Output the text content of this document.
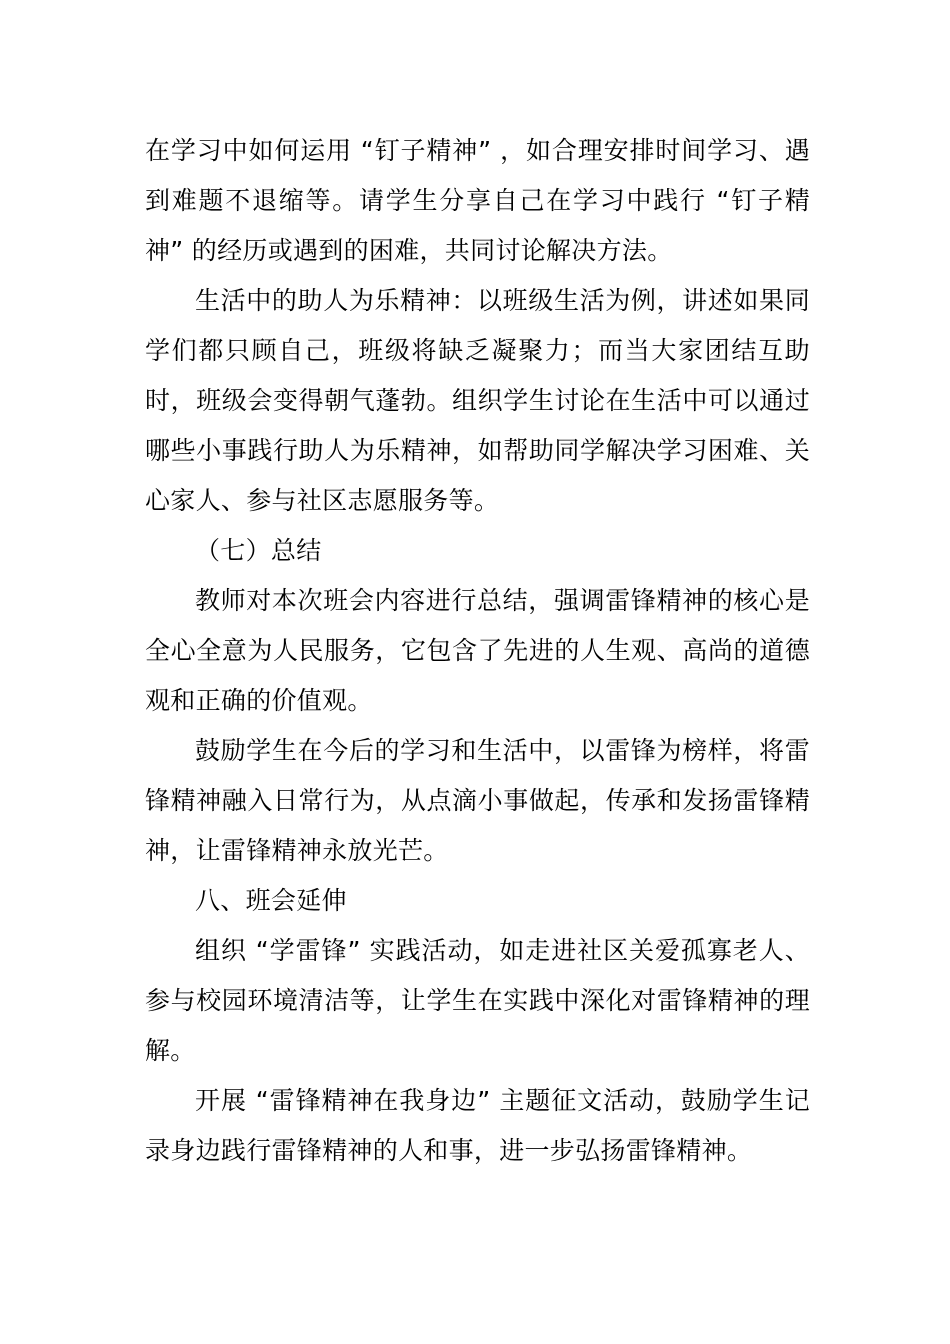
在学习中如何运用 “钉子精神” ，如合理安排时间学习、遇到难题不退缩等。请学生分享自己在学习中践行 “钉子精神” 的经历或遇到的困难，共同讨论解决方法。

生活中的助人为乐精神：以班级生活为例，讲述如果同学们都只顾自己，班级将缺乏凝聚力；而当大家团结互助时，班级会变得朝气蓬勃。组织学生讨论在生活中可以通过哪些小事践行助人为乐精神，如帮助同学解决学习困难、关心家人、参与社区志愿服务等。

（七）总结

教师对本次班会内容进行总结，强调雷锋精神的核心是全心全意为人民服务，它包含了先进的人生观、高尚的道德观和正确的价值观。

鼓励学生在今后的学习和生活中，以雷锋为榜样，将雷锋精神融入日常行为，从点滴小事做起，传承和发扬雷锋精神，让雷锋精神永放光芒。

八、班会延伸

组织 “学雷锋” 实践活动，如走进社区关爱孤寡老人、参与校园环境清洁等，让学生在实践中深化对雷锋精神的理解。

开展 “雷锋精神在我身边” 主题征文活动，鼓励学生记录身边践行雷锋精神的人和事，进一步弘扬雷锋精神。
